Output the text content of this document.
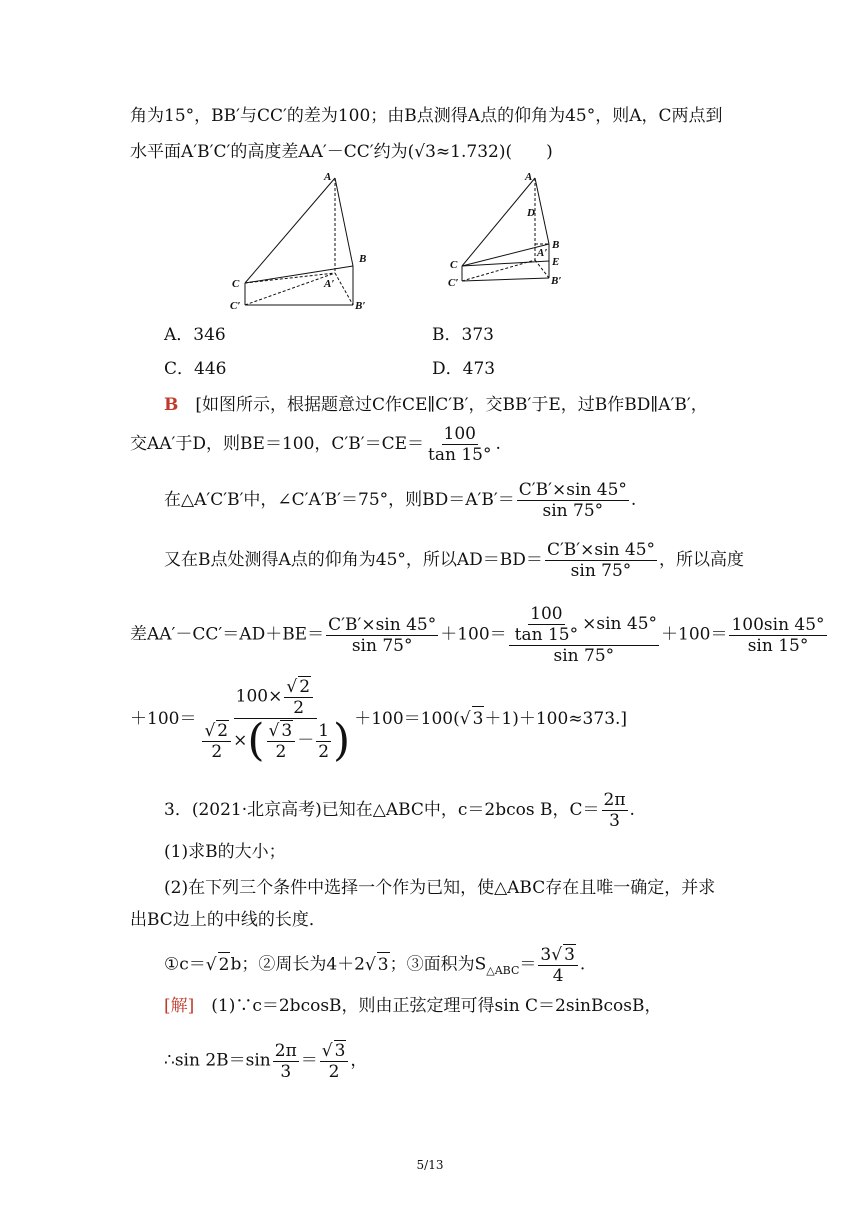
角为15°，BB′与CC′的差为100；由B点测得A点的仰角为45°，则A，C两点到
水平面A′B′C′的高度差AA′－CC′约为(√3≈1.732)(　　)
A
B
C
C′
A′
B′
A
D
B
A′
E
C
C′	B′
A．346	B．373
C．446	D．473
B　 [如图所示，根据题意过C作CE∥C′B′，交BB′于E，过B作BD∥A′B′，
交AA′于D，则BE＝100，$C'B'=CE= \frac{100}{\tan 15^\circ}$ .
在△A′C′B′中，∠C′A′B′＝75°，则$BD=A'B'= \frac{C'B'\times\sin 45^\circ}{\sin 75^\circ}$ .
又在B点处测得A点的仰角为45°，所以$AD=BD= \frac{C'B'\times\sin 45^\circ}{\sin 75^\circ}$ ，所以高度
差$AA'-CC'=AD+BE= \frac{C'B'\times\sin 45^\circ}{\sin 75^\circ} +100= \frac{\frac{100}{\tan 15^\circ} \times\sin 45^\circ}{\sin 75^\circ} +100= \frac{100\sin 45^\circ}{\sin 15^\circ}$
＋100＝ 100× √ $\frac{2}{2}$
√ $\frac{2}{2}$ ×( √ $\frac{3}{2} - \frac{1}{2}$ ) ＋100＝100( √ 3＋1)＋100≈373.]
3．(2021·北京高考)已知在△ABC中，c＝2bcos B，$C= \frac{2\pi}{3}$ .
(1)求B的大小；
(2)在下列三个条件中选择一个作为已知，使△ABC存在且唯一确定，并求
出BC边上的中线的长度．
①c＝ √ 2b；②周长为4＋2 √ 3；③面积为$S_{\triangle ABC}= \frac{3 √ 3}{4}$ .
[解]　(1)∵c＝2bcosB，则由正弦定理可得sin C＝2sinBcosB，
∴sin $2B=\sin \frac{2\pi}{3}$ ＝ √ $\frac{3}{2}$ ，
5/13
